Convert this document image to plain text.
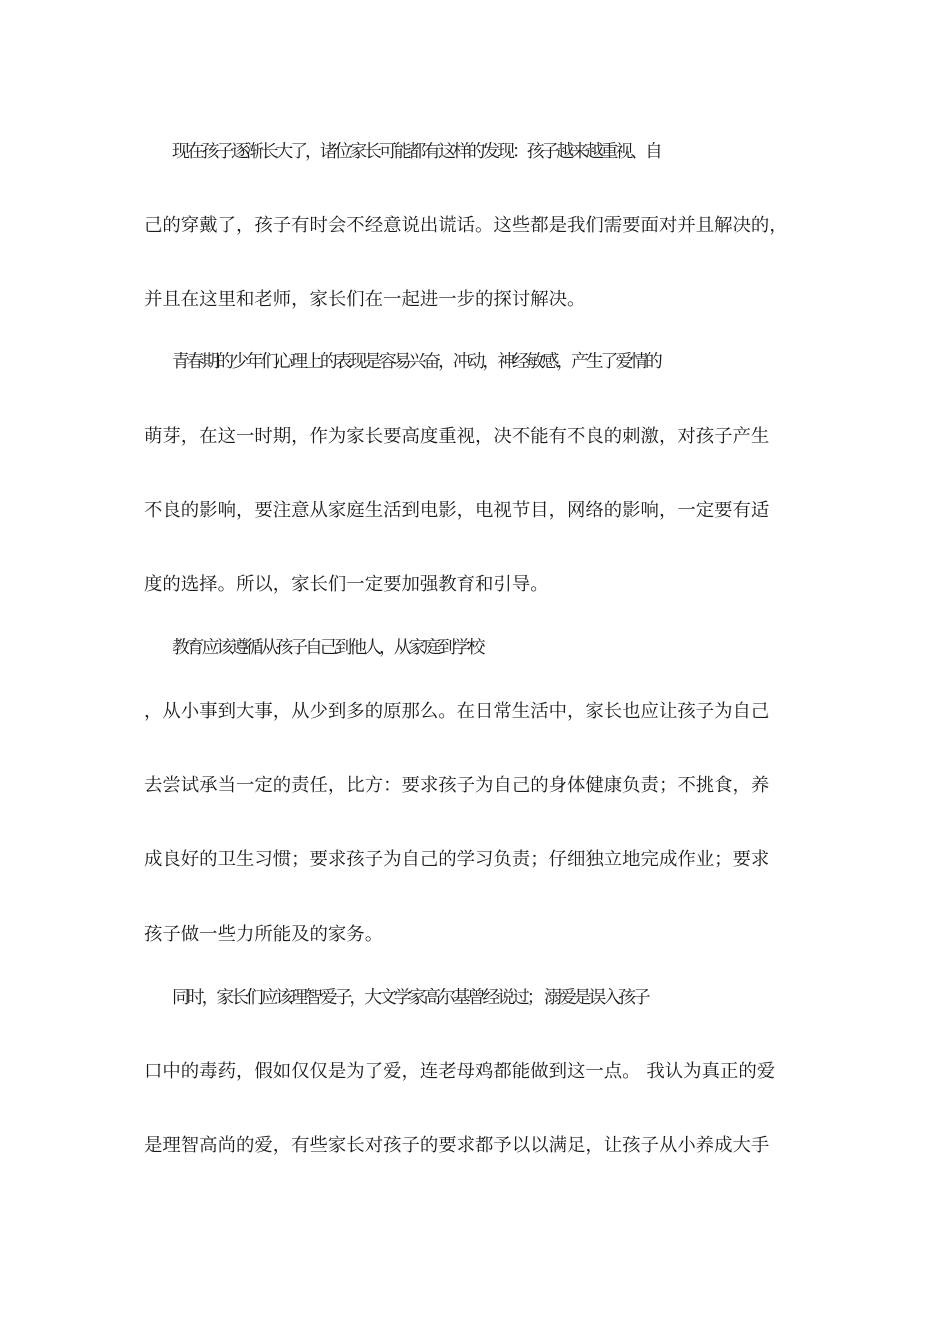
现在孩子逐渐长大了，诸位家长可能都有这样的发现：孩子越来越重视、自
己的穿戴了，孩子有时会不经意说出谎话。这些都是我们需要面对并且解决的，
并且在这里和老师，家长们在一起进一步的探讨解决。
青春期的少年们心理上的表现是容易兴奋，冲动，神经敏感，产生了爱情的
萌芽，在这一时期，作为家长要高度重视，决不能有不良的刺激，对孩子产生
不良的影响，要注意从家庭生活到电影，电视节目，网络的影响，一定要有适
度的选择。所以，家长们一定要加强教育和引导。
教育应该遵循从孩子自己到他人，从家庭到学校
，从小事到大事，从少到多的原那么。在日常生活中，家长也应让孩子为自己
去尝试承当一定的责任，比方：要求孩子为自己的身体健康负责；不挑食，养
成良好的卫生习惯；要求孩子为自己的学习负责；仔细独立地完成作业；要求
孩子做一些力所能及的家务。
同时，家长们应该理智爱子，大文学家高尔基曾经说过； 溺爱是误入孩子
口中的毒药，假如仅仅是为了爱，连老母鸡都能做到这一点。 我认为真正的爱
是理智高尚的爱，有些家长对孩子的要求都予以以满足，让孩子从小养成大手
